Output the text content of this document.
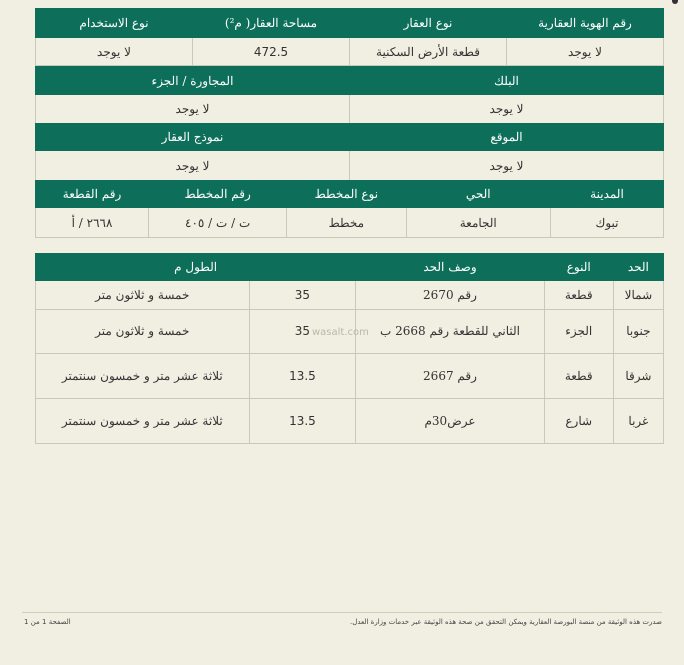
رقم الهوية العقارية	نوع العقار	مساحة العقار( م²)	نوع الاستخدام
لا يوجد	قطعة الأرض السكنية	472.5	لا يوجد
البلك	المجاورة / الجزء
لا يوجد	لا يوجد
الموقع	نموذج العقار
لا يوجد	لا يوجد
المدينة	الحي	نوع المخطط	رقم المخطط	رقم القطعة
تبوك	الجامعة	مخطط	ت / ت / ٤٠٥	٢٦٦٨ / أ
الحد	النوع	وصف الحد	الطول م	
شمالا	قطعة	رقم 2670	35	خمسة و ثلاثون متر
جنوبا	الجزء	الثاني للقطعة رقم 2668 ب	35	خمسة و ثلاثون متر
شرقا	قطعة	رقم 2667	13.5	ثلاثة عشر متر و خمسون سنتمتر
غربا	شارع	عرض30م	13.5	ثلاثة عشر متر و خمسون سنتمتر
wasalt.com
صدرت هذه الوثيقة من منصة البورصة العقارية ويمكن التحقق من صحة هذه الوثيقة عبر خدمات وزارة العدل.
الصفحة 1 من 1
